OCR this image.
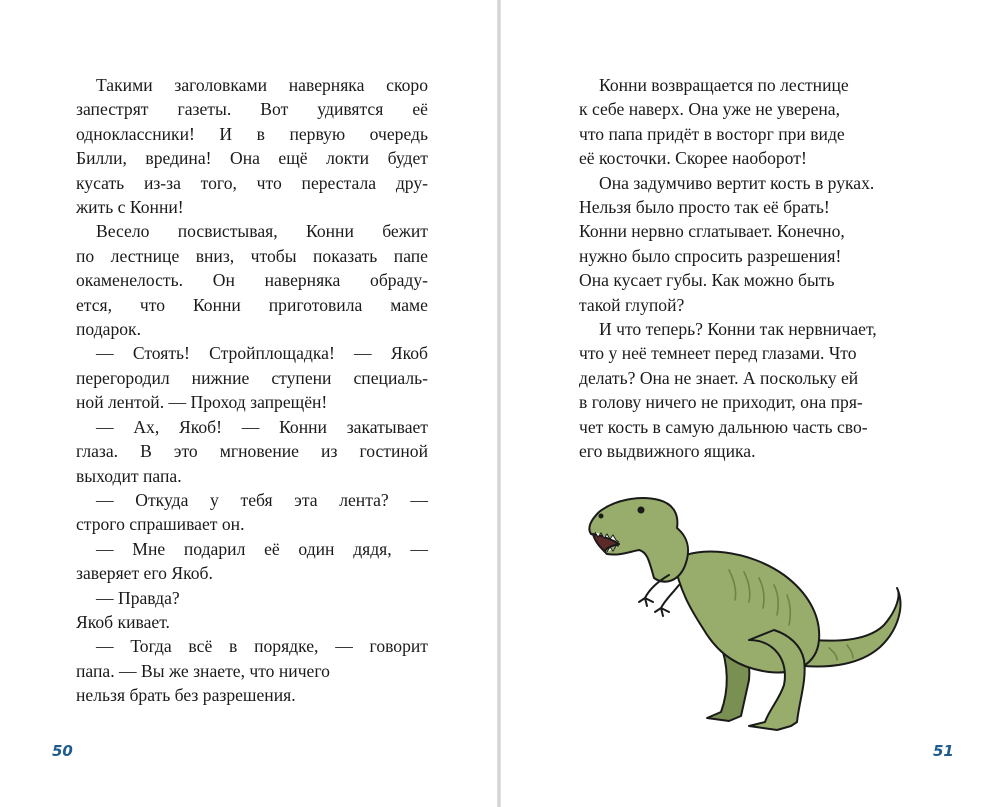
Такими заголовками наверняка скоро
запестрят газеты. Вот удивятся её
одноклассники! И в первую очередь
Билли, вредина! Она ещё локти будет
кусать из-за того, что перестала дру-
жить с Конни!
Весело посвистывая, Конни бежит
по лестнице вниз, чтобы показать папе
окаменелость. Он наверняка обраду-
ется, что Конни приготовила маме
подарок.
— Стоять! Стройплощадка! — Якоб
перегородил нижние ступени специаль-
ной лентой. — Проход запрещён!
— Ах, Якоб! — Конни закатывает
глаза. В это мгновение из гостиной
выходит папа.
— Откуда у тебя эта лента? —
строго спрашивает он.
— Мне подарил её один дядя, —
заверяет его Якоб.
— Правда?
Якоб кивает.
— Тогда всё в порядке, — говорит
папа. — Вы же знаете, что ничего
нельзя брать без разрешения.
50
Конни возвращается по лестнице
к себе наверх. Она уже не уверена,
что папа придёт в восторг при виде
её косточки. Скорее наоборот!
Она задумчиво вертит кость в руках.
Нельзя было просто так её брать!
Конни нервно сглатывает. Конечно,
нужно было спросить разрешения!
Она кусает губы. Как можно быть
такой глупой?
И что теперь? Конни так нервничает,
что у неё темнеет перед глазами. Что
делать? Она не знает. А поскольку ей
в голову ничего не приходит, она пря-
чет кость в самую дальнюю часть сво-
его выдвижного ящика.
51
